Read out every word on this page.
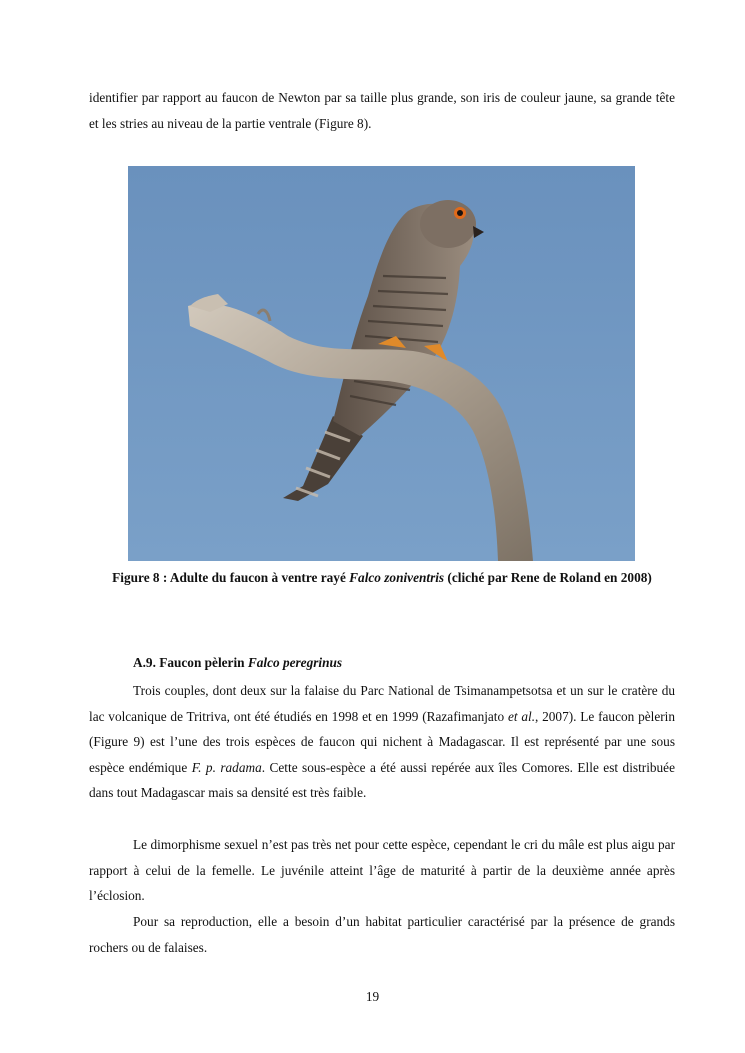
identifier par rapport au faucon de Newton par sa taille plus grande, son iris de couleur jaune, sa grande tête et les stries au niveau de la partie ventrale (Figure 8).

Figure 8 : Adulte du faucon à ventre rayé Falco zoniventris (cliché par Rene de Roland en 2008)

A.9. Faucon pèlerin Falco peregrinus

Trois couples, dont deux sur la falaise du Parc National de Tsimanampetsotsa et un sur le cratère du lac volcanique de Tritriva, ont été étudiés en 1998 et en 1999 (Razafimanjato et al., 2007). Le faucon pèlerin (Figure 9) est l’une des trois espèces de faucon qui nichent à Madagascar. Il est représenté par une sous espèce endémique F. p. radama. Cette sous-espèce a été aussi repérée aux îles Comores. Elle est distribuée dans tout Madagascar mais sa densité est très faible.

Le dimorphisme sexuel n’est pas très net pour cette espèce, cependant le cri du mâle est plus aigu par rapport à celui de la femelle. Le juvénile atteint l’âge de maturité à partir de la deuxième année après l’éclosion.

Pour sa reproduction, elle a besoin d’un habitat particulier caractérisé par la présence de grands rochers ou de falaises.

19
